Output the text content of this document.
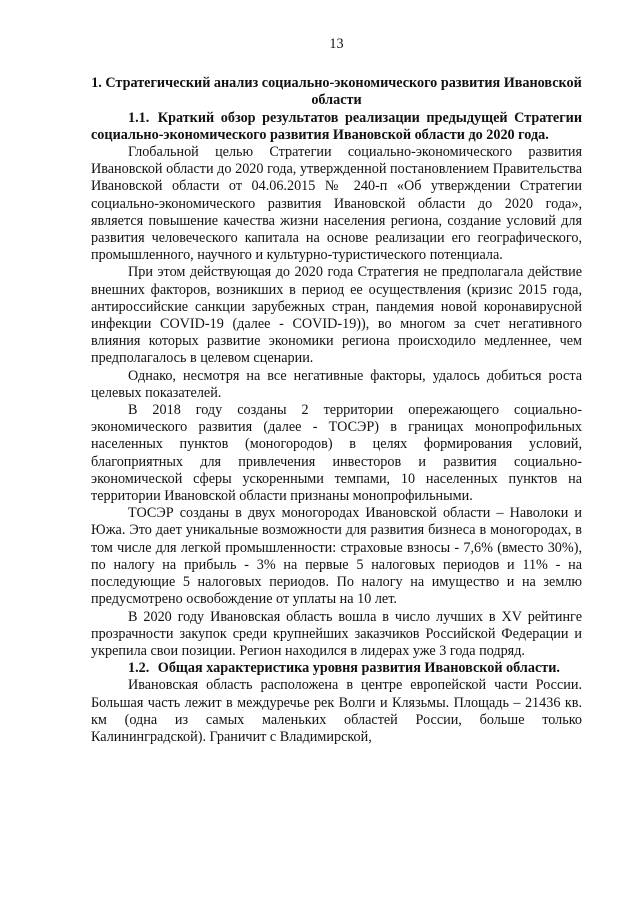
13
1. Стратегический анализ социально-экономического развития Ивановской области
1.1. Краткий обзор результатов реализации предыдущей Стратегии социально-экономического развития Ивановской области до 2020 года.

Глобальной целью Стратегии социально-экономического развития Ивановской области до 2020 года, утвержденной постановлением Правительства Ивановской области от 04.06.2015 № 240-п «Об утверждении Стратегии социально-экономического развития Ивановской области до 2020 года», является повышение качества жизни населения региона, создание условий для развития человеческого капитала на основе реализации его географического, промышленного, научного и культурно-туристического потенциала.

При этом действующая до 2020 года Стратегия не предполагала действие внешних факторов, возникших в период ее осуществления (кризис 2015 года, антироссийские санкции зарубежных стран, пандемия новой коронавирусной инфекции COVID-19 (далее - COVID-19)), во многом за счет негативного влияния которых развитие экономики региона происходило медленнее, чем предполагалось в целевом сценарии.

Однако, несмотря на все негативные факторы, удалось добиться роста целевых показателей.

В 2018 году созданы 2 территории опережающего социально-экономического развития (далее - ТОСЭР) в границах монопрофильных населенных пунктов (моногородов) в целях формирования условий, благоприятных для привлечения инвесторов и развития социально-экономической сферы ускоренными темпами, 10 населенных пунктов на территории Ивановской области признаны монопрофильными.

ТОСЭР созданы в двух моногородах Ивановской области – Наволоки и Южа. Это дает уникальные возможности для развития бизнеса в моногородах, в том числе для легкой промышленности: страховые взносы - 7,6% (вместо 30%), по налогу на прибыль - 3% на первые 5 налоговых периодов и 11% - на последующие 5 налоговых периодов. По налогу на имущество и на землю предусмотрено освобождение от уплаты на 10 лет.

В 2020 году Ивановская область вошла в число лучших в XV рейтинге прозрачности закупок среди крупнейших заказчиков Российской Федерации и укрепила свои позиции. Регион находился в лидерах уже 3 года подряд.

1.2. Общая характеристика уровня развития Ивановской области.

Ивановская область расположена в центре европейской части России. Большая часть лежит в междуречье рек Волги и Клязьмы. Площадь – 21436 кв. км (одна из самых маленьких областей России, больше только Калининградской). Граничит с Владимирской,
